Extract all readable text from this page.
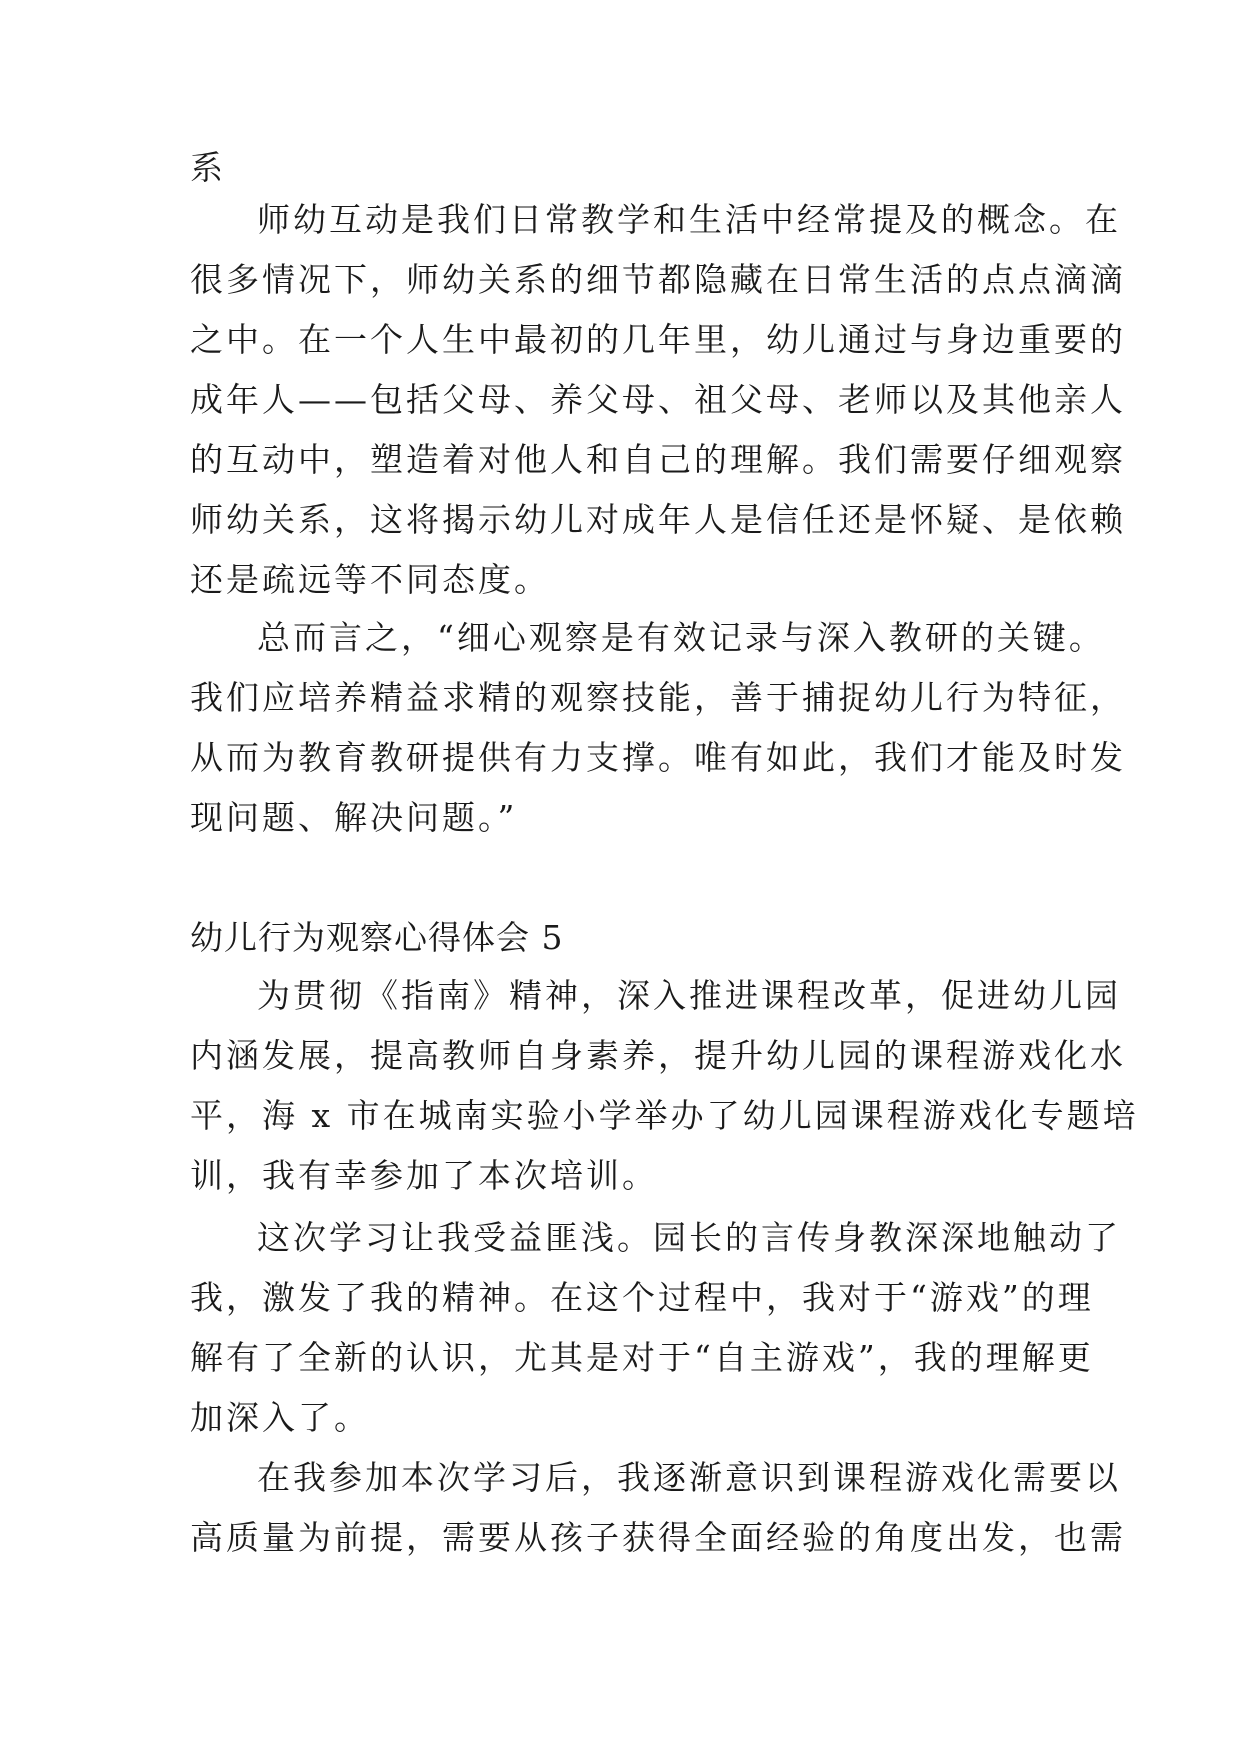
系
师幼互动是我们日常教学和生活中经常提及的概念。在
很多情况下，师幼关系的细节都隐藏在日常生活的点点滴滴
之中。在一个人生中最初的几年里，幼儿通过与身边重要的
成年人——包括父母、养父母、祖父母、老师以及其他亲人
的互动中，塑造着对他人和自己的理解。我们需要仔细观察
师幼关系，这将揭示幼儿对成年人是信任还是怀疑、是依赖
还是疏远等不同态度。
总而言之，“细心观察是有效记录与深入教研的关键。
我们应培养精益求精的观察技能，善于捕捉幼儿行为特征，
从而为教育教研提供有力支撑。唯有如此，我们才能及时发
现问题、解决问题。”
幼儿行为观察心得体会 5
为贯彻《指南》精神，深入推进课程改革，促进幼儿园
内涵发展，提高教师自身素养，提升幼儿园的课程游戏化水
平，海 x 市在城南实验小学举办了幼儿园课程游戏化专题培
训，我有幸参加了本次培训。
这次学习让我受益匪浅。园长的言传身教深深地触动了
我，激发了我的精神。在这个过程中，我对于“游戏”的理
解有了全新的认识，尤其是对于“自主游戏”，我的理解更
加深入了。
在我参加本次学习后，我逐渐意识到课程游戏化需要以
高质量为前提，需要从孩子获得全面经验的角度出发，也需
